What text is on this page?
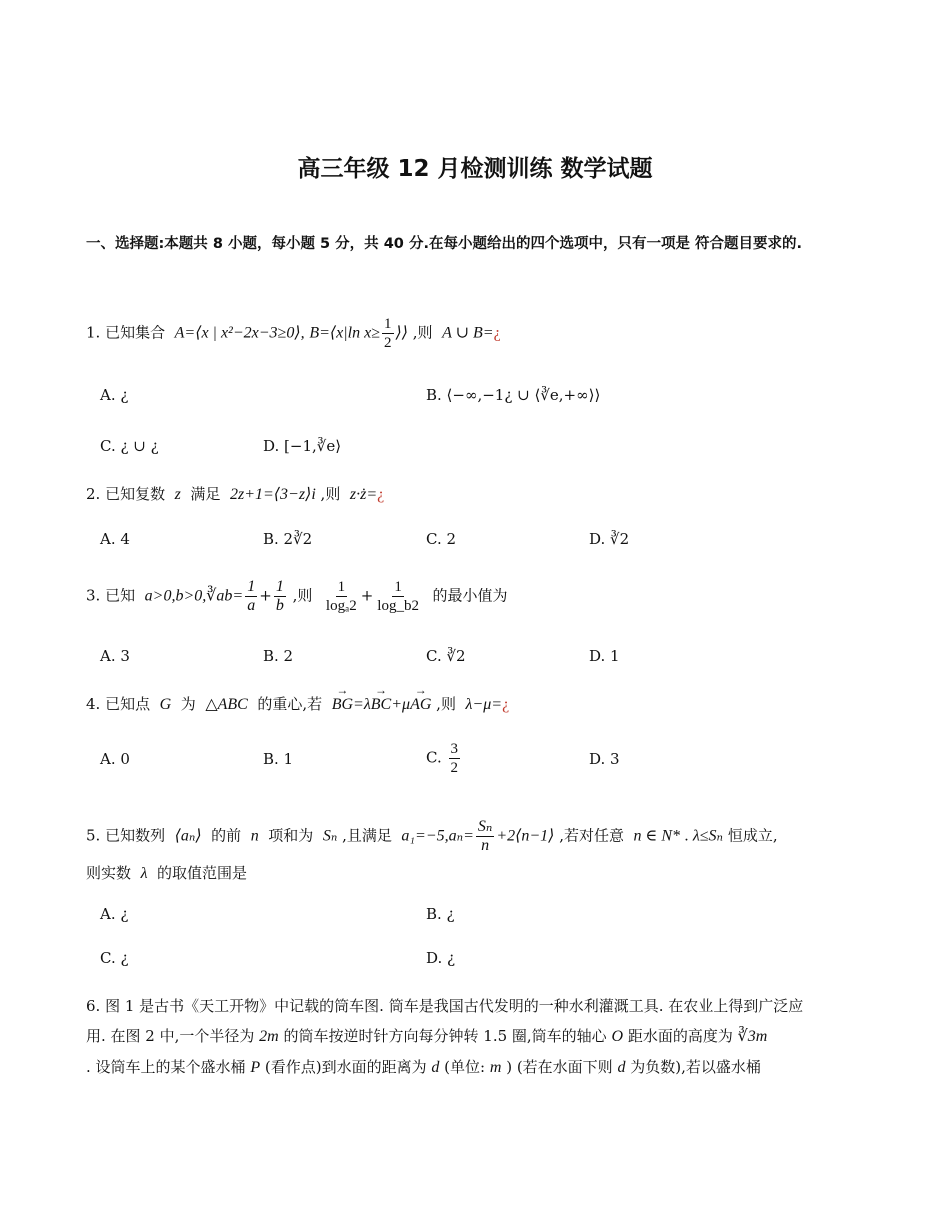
高三年级 12 月检测训练 数学试题
一、选择题:本题共 8 小题，每小题 5 分，共 40 分.在每小题给出的四个选项中，只有一项是 符合题目要求的.
1. 已知集合 A=⟨x | x²−2x−3≥0⟩, B=⟨x|ln $x\ge \frac{1}{2}$ ⟩⟩ ,则 A ∪ B=¿
A. ¿	B. ⟨−∞,−1¿ ∪ ⟨∛e,+∞⟩⟩
C. ¿ ∪ ¿	D. [−1,∛e⟩
2. 已知复数 z 满足 2z+1=⟨3−z⟩i ,则 z·ż=¿
A. 4	B. 2∛2	C. 2	D. ∛2
3. 已知 a>0,b>0,∛ab= $\frac{1}{a} + \frac{1}{b}$ ,则 $\frac{1}{\text{logₐ2}} + \frac{1}{\log\_b2}$ 的最小值为
A. 3	B. 2	C. ∛2	D. 1
4. 已知点 G 为 △ABC 的重心,若  → BG=λ→ BC+μ→ AG ,则 λ−μ=¿
A. 0	B. 1	C. $\frac{3}{2}$	D. 3
5. 已知数列 ⟨aₙ⟩ 的前 n 项和为 Sₙ ,且满足 $a_1=-5,a_n= \frac{\text{Sₙ}}{n}$ +2⟨n−1⟩ ,若对任意 n ∈ N* . λ≤Sₙ 恒成立,
则实数 λ 的取值范围是
A. ¿	B. ¿
C. ¿	D. ¿
6. 图 1 是古书《天工开物》中记载的筒车图. 筒车是我国古代发明的一种水利灌溉工具. 在农业上得到广泛应
用. 在图 2 中,一个半径为 2m 的筒车按逆时针方向每分钟转 1.5 圈,筒车的轴心 O 距水面的高度为 ∛3m
. 设筒车上的某个盛水桶 P (看作点)到水面的距离为 d (单位: m ) (若在水面下则 d 为负数),若以盛水桶
